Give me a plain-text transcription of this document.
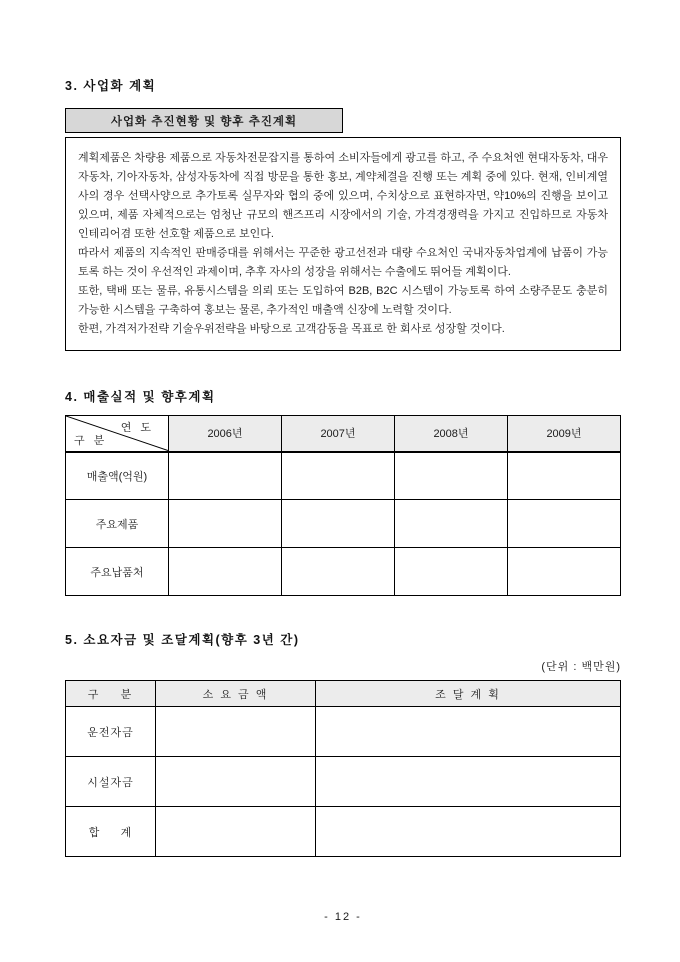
3. 사업화 계획
사업화 추진현황 및 향후 추진계획

계획제품은 차량용 제품으로 자동차전문잡지를 통하여 소비자들에게 광고를 하고, 주 수요처엔 현대자동차, 대우자동차, 기아자동차, 삼성자동차에 직접 방문을 통한 홍보, 계약체결을 진행 또는 계획 중에 있다. 현재, 인비계열사의 경우 선택사양으로 추가토록 실무자와 협의 중에 있으며, 수치상으로 표현하자면, 약10%의 진행을 보이고 있으며, 제품 자체적으로는 엄청난 규모의 핸즈프리 시장에서의 기술, 가격경쟁력을 가지고 진입하므로 자동차 인테리어겸 또한 선호할 제품으로 보인다.

따라서 제품의 지속적인 판매증대를 위해서는 꾸준한 광고선전과 대량 수요처인 국내자동차업계에 납품이 가능토록 하는 것이 우선적인 과제이며, 추후 자사의 성장을 위해서는 수출에도 뛰어들 계획이다.

또한, 택배 또는 물류, 유통시스템을 의뢰 또는 도입하여 B2B, B2C 시스템이 가능토록 하여 소량주문도 충분히 가능한 시스템을 구축하여 홍보는 물론, 추가적인 매출액 신장에 노력할 것이다.

한편, 가격저가전략 기술우위전략을 바탕으로 고객감동을 목표로 한 회사로 성장할 것이다.

4. 매출실적 및 향후계획
연 도
구 분	2006년	2007년	2008년	2009년
매출액(억원)				
주요제품				
주요납품처				
5. 소요자금 및 조달계획(향후 3년 간)
(단위 : 백만원)
구    분	소 요 금 액	조 달 계 획
운전자금		
시설자금		
합     계		
- 12 -
